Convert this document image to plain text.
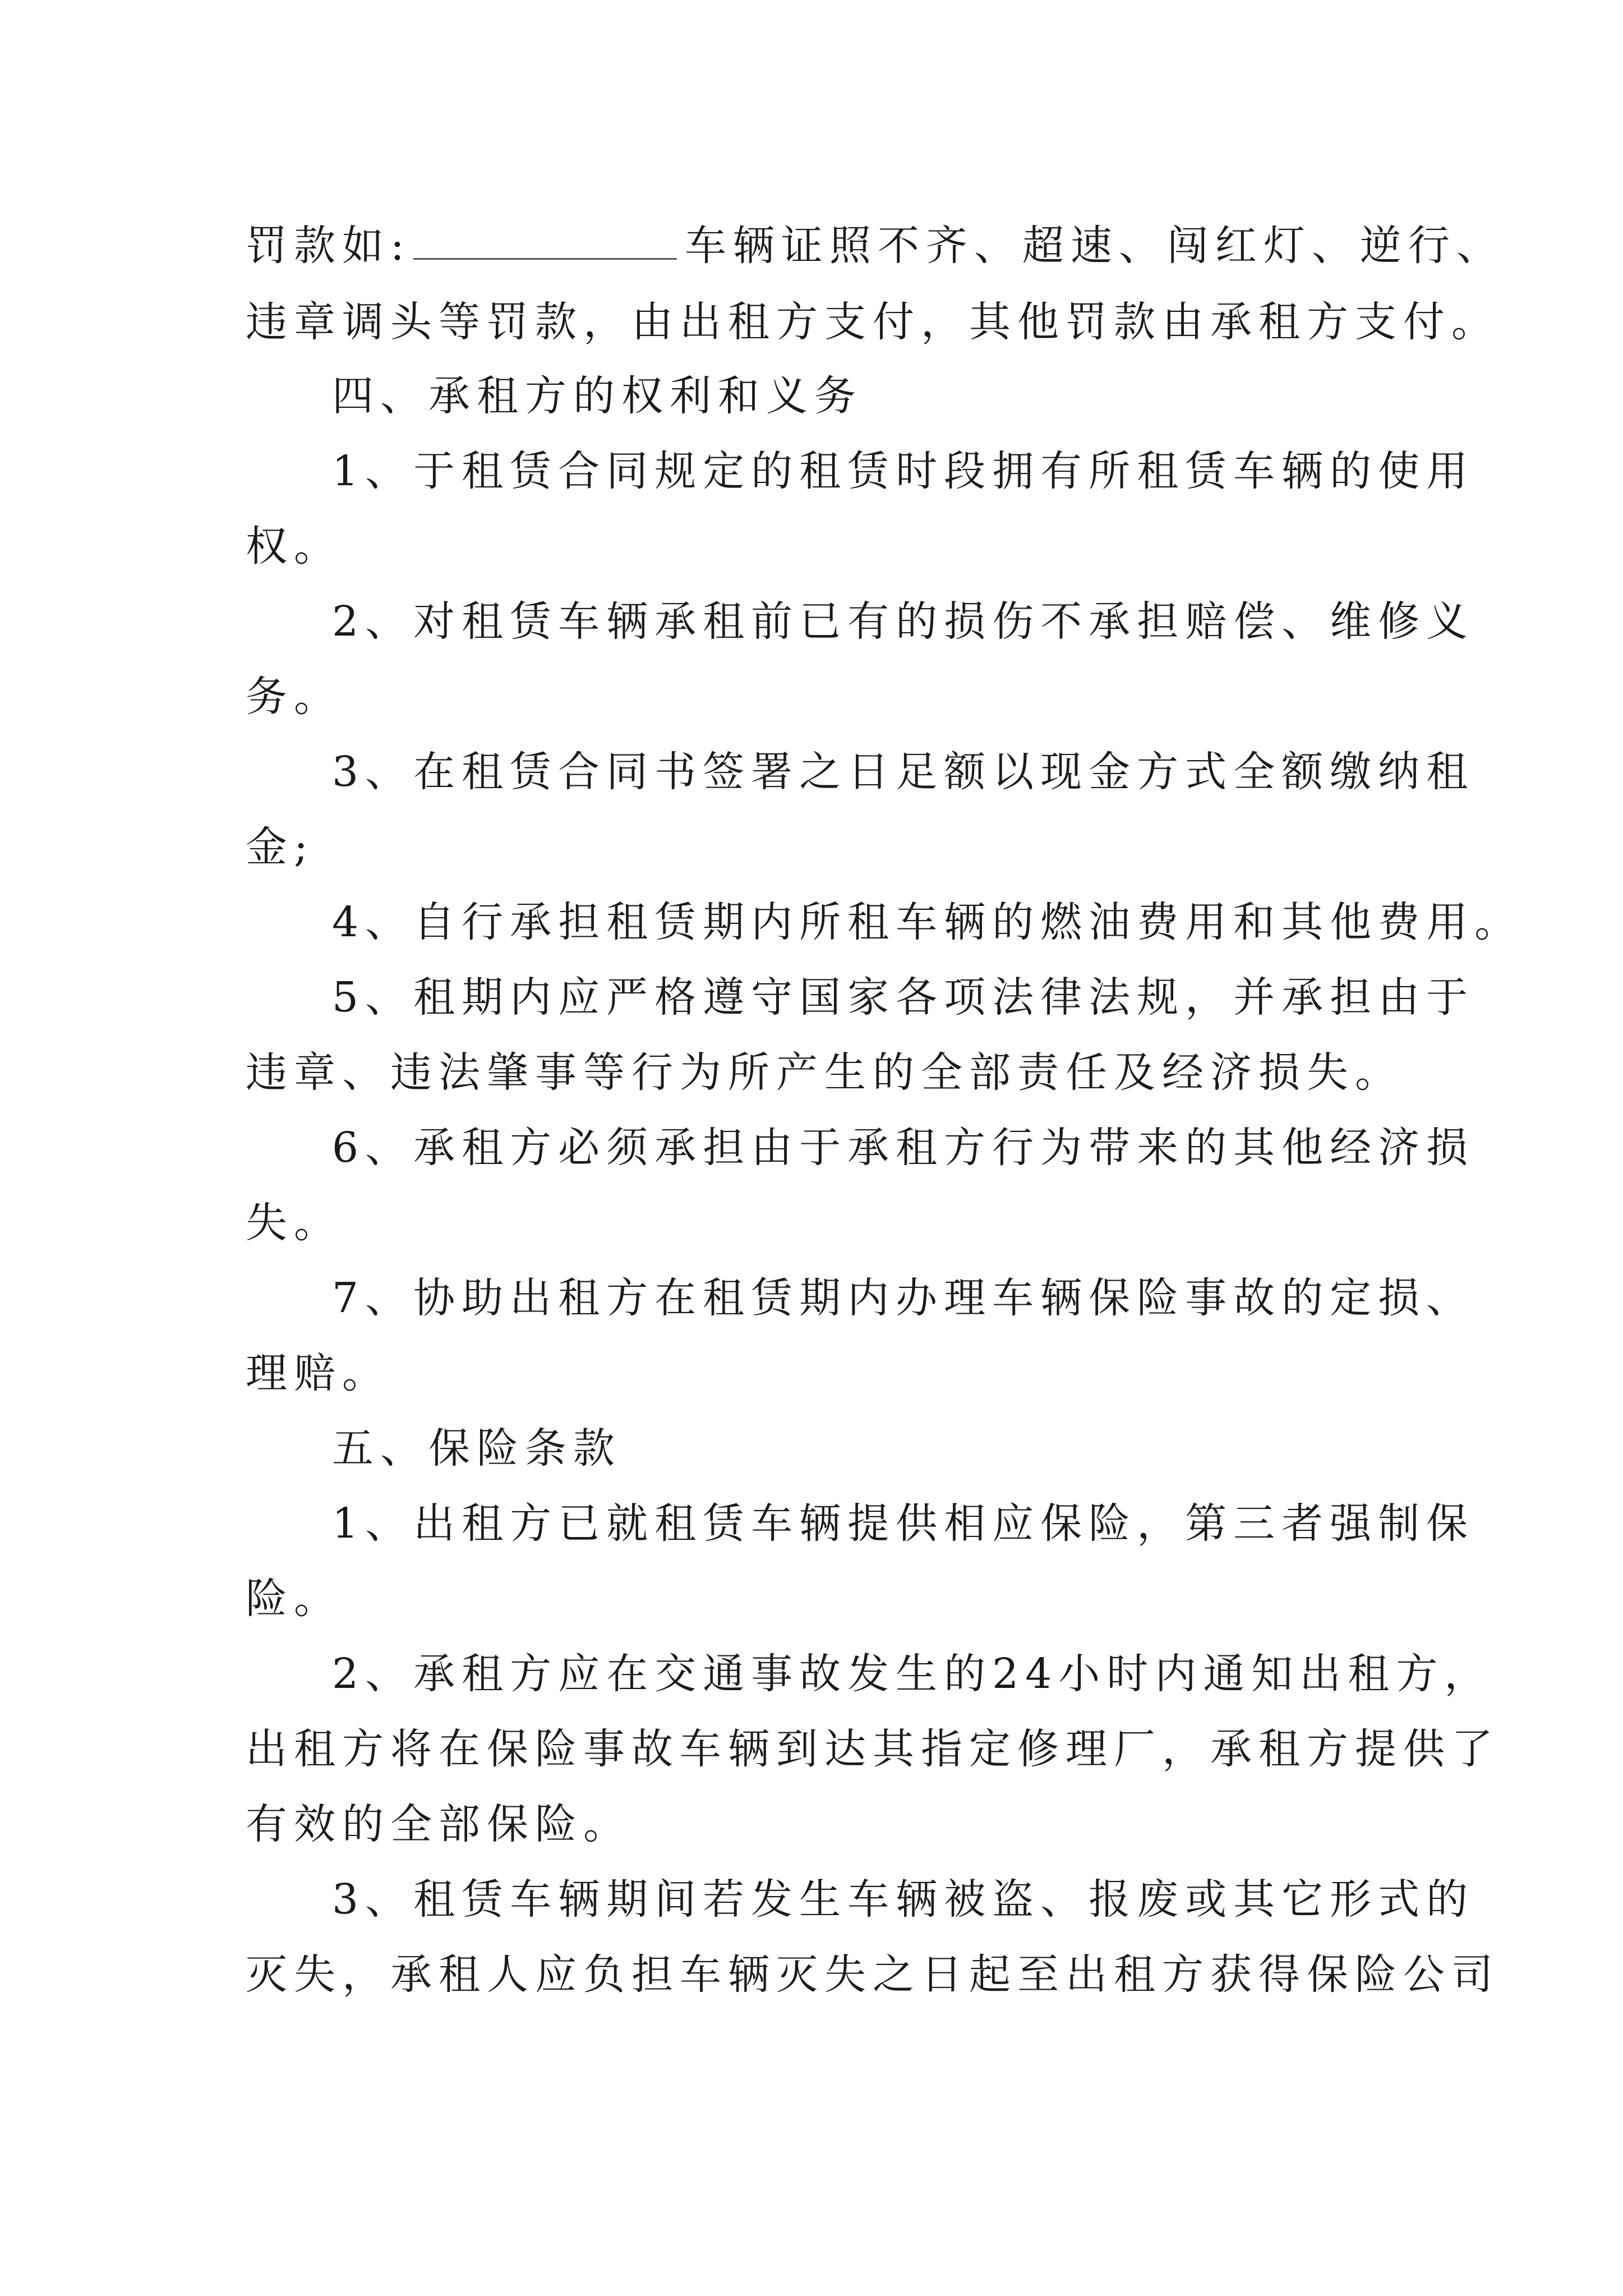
罚款如:	车辆证照不齐、超速、闯红灯、逆行、
违章调头等罚款，由出租方支付，其他罚款由承租方支付。
四、承租方的权利和义务
1、于租赁合同规定的租赁时段拥有所租赁车辆的使用
权。
2、对租赁车辆承租前已有的损伤不承担赔偿、维修义
务。
3、在租赁合同书签署之日足额以现金方式全额缴纳租
金;
4、自行承担租赁期内所租车辆的燃油费用和其他费用。
5、租期内应严格遵守国家各项法律法规，并承担由于
违章、违法肇事等行为所产生的全部责任及经济损失。
6、承租方必须承担由于承租方行为带来的其他经济损
失。
7、协助出租方在租赁期内办理车辆保险事故的定损、
理赔。
五、保险条款
1、出租方已就租赁车辆提供相应保险，第三者强制保
险。
2、承租方应在交通事故发生的24小时内通知出租方，
出租方将在保险事故车辆到达其指定修理厂，承租方提供了
有效的全部保险。
3、租赁车辆期间若发生车辆被盗、报废或其它形式的
灭失，承租人应负担车辆灭失之日起至出租方获得保险公司
